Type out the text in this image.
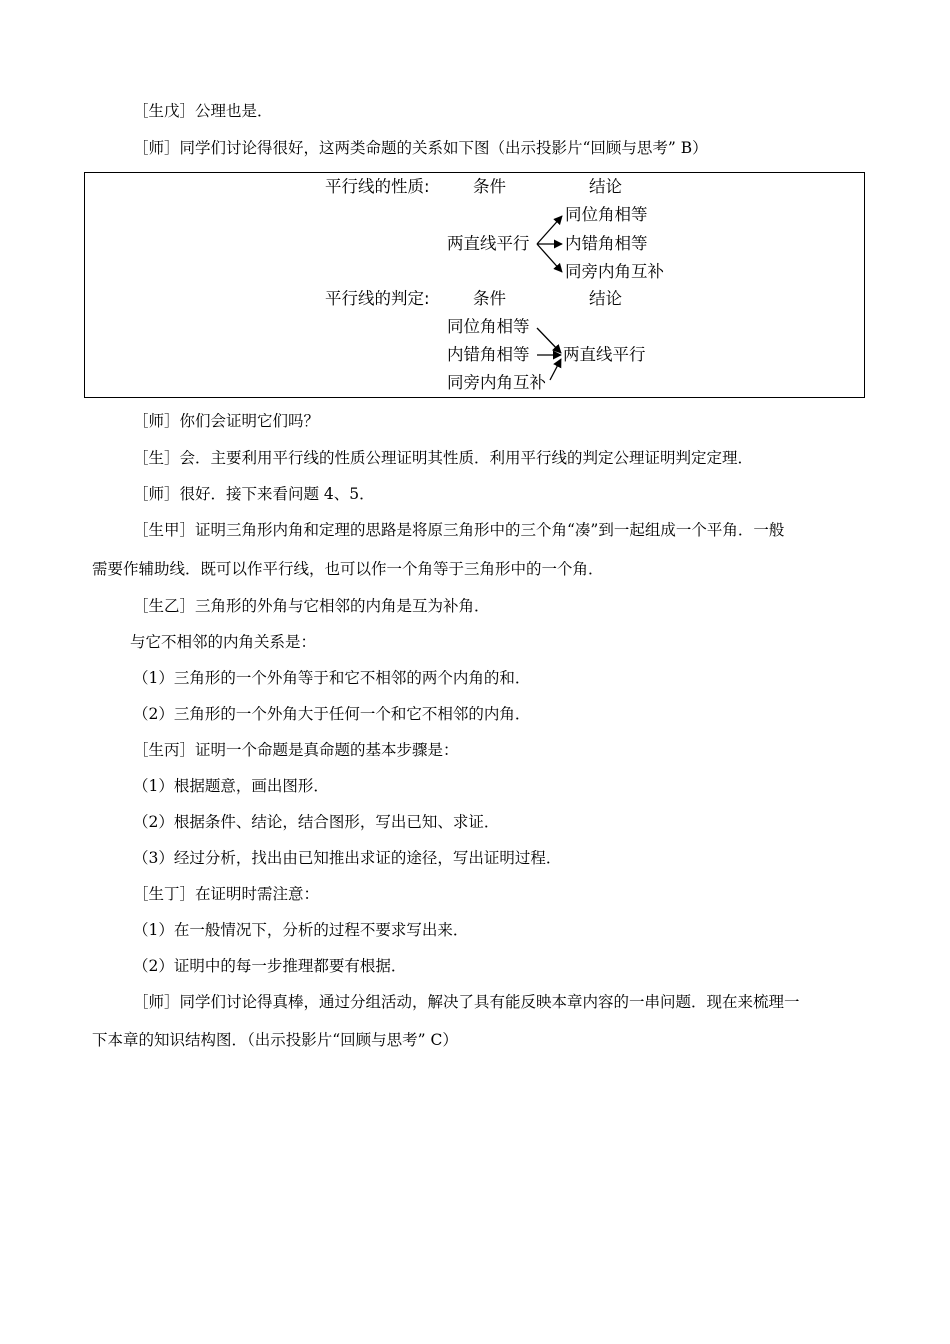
［生戊］公理也是．
［师］同学们讨论得很好，这两类命题的关系如下图（出示投影片“回顾与思考” B）
平行线的性质:	条件	结论
两直线平行
同位角相等
内错角相等
同旁内角互补
平行线的判定:	条件	结论
同位角相等
内错角相等
同旁内角互补
两直线平行
［师］你们会证明它们吗？
［生］会．主要利用平行线的性质公理证明其性质．利用平行线的判定公理证明判定定理．
［师］很好．接下来看问题 4、5．
［生甲］证明三角形内角和定理的思路是将原三角形中的三个角“凑”到一起组成一个平角．一般
需要作辅助线．既可以作平行线，也可以作一个角等于三角形中的一个角．
［生乙］三角形的外角与它相邻的内角是互为补角．
与它不相邻的内角关系是：
（1）三角形的一个外角等于和它不相邻的两个内角的和．
（2）三角形的一个外角大于任何一个和它不相邻的内角．
［生丙］证明一个命题是真命题的基本步骤是：
（1）根据题意，画出图形．
（2）根据条件、结论，结合图形，写出已知、求证．
（3）经过分析，找出由已知推出求证的途径，写出证明过程．
［生丁］在证明时需注意：
（1）在一般情况下，分析的过程不要求写出来．
（2）证明中的每一步推理都要有根据．
［师］同学们讨论得真棒，通过分组活动，解决了具有能反映本章内容的一串问题．现在来梳理一
下本章的知识结构图．（出示投影片“回顾与思考” C）
